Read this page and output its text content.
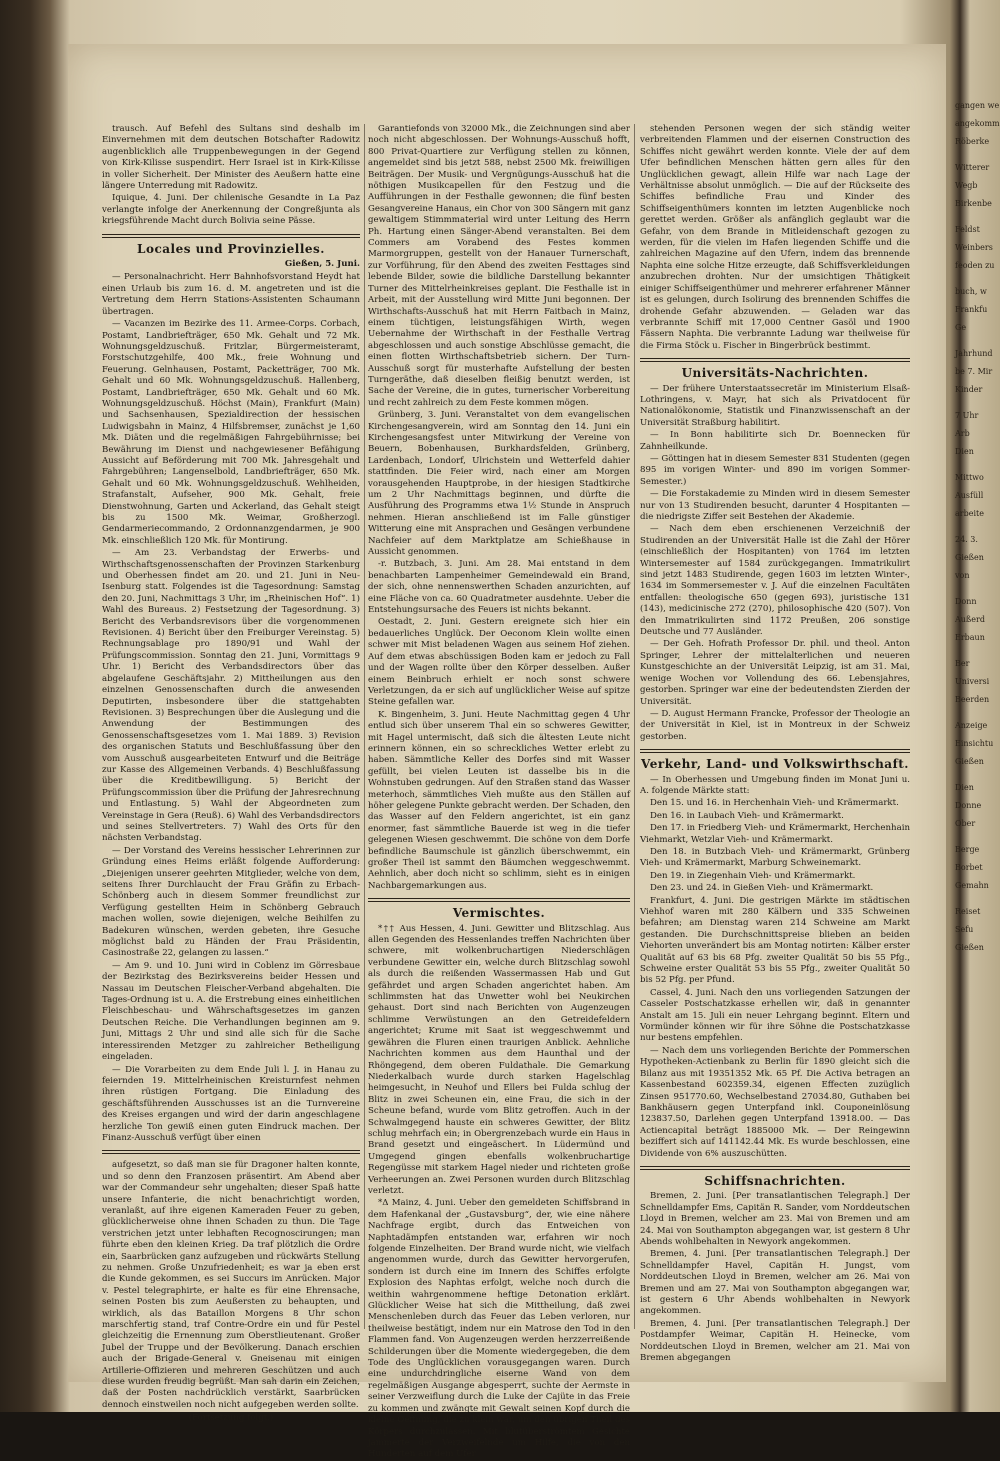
trausch. Auf Befehl des Sultans sind deshalb im Einvernehmen mit dem deutschen Botschafter Radowitz augenblicklich alle Truppenbewegungen in der Gegend von Kirk-Kilisse suspendirt. Herr Israel ist in Kirk-Kilisse in voller Sicherheit. Der Minister des Aeußern hatte eine längere Unterredung mit Radowitz.

Iquique, 4. Juni. Der chilenische Gesandte in La Paz verlangte infolge der Anerkennung der Congreßjunta als kriegsführende Macht durch Bolivia seine Pässe.

Locales und Provinzielles.
Gießen, 5. Juni.

— Personalnachricht. Herr Bahnhofsvorstand Heydt hat einen Urlaub bis zum 16. d. M. angetreten und ist die Vertretung dem Herrn Stations-Assistenten Schaumann übertragen.

— Vacanzen im Bezirke des 11. Armee-Corps. Corbach, Postamt, Landbriefträger, 650 Mk. Gehalt und 72 Mk. Wohnungsgeldzuschuß. Fritzlar, Bürgermeisteramt, Forstschutzgehilfe, 400 Mk., freie Wohnung und Feuerung. Gelnhausen, Postamt, Packetträger, 700 Mk. Gehalt und 60 Mk. Wohnungsgeldzuschuß. Hallenberg, Postamt, Landbriefträger, 650 Mk. Gehalt und 60 Mk. Wohnungsgeldzuschuß. Höchst (Main), Frankfurt (Main) und Sachsenhausen, Spezialdirection der hessischen Ludwigsbahn in Mainz, 4 Hilfsbremser, zunächst je 1,60 Mk. Diäten und die regelmäßigen Fahrgebührnisse; bei Bewährung im Dienst und nachgewiesener Befähigung Aussicht auf Beförderung mit 700 Mk. Jahresgehalt und Fahrgebühren; Langenselbold, Landbriefträger, 650 Mk. Gehalt und 60 Mk. Wohnungsgeldzuschuß. Wehlheiden, Strafanstalt, Aufseher, 900 Mk. Gehalt, freie Dienstwohnung, Garten und Ackerland, das Gehalt steigt bis zu 1500 Mk. Weimar, Großherzogl. Gendarmeriecommando, 2 Ordonnanzgendarmen, je 900 Mk. einschließlich 120 Mk. für Montirung.

— Am 23. Verbandstag der Erwerbs- und Wirthschaftsgenossenschaften der Provinzen Starkenburg und Oberhessen findet am 20. und 21. Juni in Neu-Isenburg statt. Folgendes ist die Tagesordnung: Samstag den 20. Juni, Nachmittags 3 Uhr, im „Rheinischen Hof“. 1) Wahl des Bureaus. 2) Festsetzung der Tagesordnung. 3) Bericht des Verbandsrevisors über die vorgenommenen Revisionen. 4) Bericht über den Freiburger Vereinstag. 5) Rechnungsablage pro 1890/91 und Wahl der Prüfungscommission. Sonntag den 21. Juni, Vormittags 9 Uhr. 1) Bericht des Verbandsdirectors über das abgelaufene Geschäftsjahr. 2) Mittheilungen aus den einzelnen Genossenschaften durch die anwesenden Deputirten, insbesondere über die stattgehabten Revisionen. 3) Besprechungen über die Auslegung und die Anwendung der Bestimmungen des Genossenschaftsgesetzes vom 1. Mai 1889. 3) Revision des organischen Statuts und Beschlußfassung über den vom Ausschuß ausgearbeiteten Entwurf und die Beiträge zur Kasse des Allgemeinen Verbands. 4) Beschlußfassung über die Kreditbewilligung. 5) Bericht der Prüfungscommission über die Prüfung der Jahresrechnung und Entlastung. 5) Wahl der Abgeordneten zum Vereinstage in Gera (Reuß). 6) Wahl des Verbandsdirectors und seines Stellvertreters. 7) Wahl des Orts für den nächsten Verbandstag.

— Der Vorstand des Vereins hessischer Lehrerinnen zur Gründung eines Heims erläßt folgende Aufforderung: „Diejenigen unserer geehrten Mitglieder, welche von dem, seitens Ihrer Durchlaucht der Frau Gräfin zu Erbach-Schönberg auch in diesem Sommer freundlichst zur Verfügung gestellten Heim in Schönberg Gebrauch machen wollen, sowie diejenigen, welche Beihilfen zu Badekuren wünschen, werden gebeten, ihre Gesuche möglichst bald zu Händen der Frau Präsidentin, Casinostraße 22, gelangen zu lassen.“

— Am 9. und 10. Juni wird in Coblenz im Görresbaue der Bezirkstag des Bezirksvereins beider Hessen und Nassau im Deutschen Fleischer-Verband abgehalten. Die Tages-Ordnung ist u. A. die Erstrebung eines einheitlichen Fleischbeschau- und Währschaftsgesetzes im ganzen Deutschen Reiche. Die Verhandlungen beginnen am 9. Juni, Mittags 2 Uhr und sind alle sich für die Sache interessirenden Metzger zu zahlreicher Betheiligung eingeladen.

— Die Vorarbeiten zu dem Ende Juli l. J. in Hanau zu feiernden 19. Mittelrheinischen Kreisturnfest nehmen ihren rüstigen Fortgang. Die Einladung des geschäftsführenden Ausschusses ist an die Turnvereine des Kreises ergangen und wird der darin angeschlagene herzliche Ton gewiß einen guten Eindruck machen. Der Finanz-Ausschuß verfügt über einen

aufgesetzt, so daß man sie für Dragoner halten konnte, und so denn den Franzosen präsentirt. Am Abend aber war der Commandeur sehr ungehalten; dieser Spaß hatte unsere Infanterie, die nicht benachrichtigt worden, veranlaßt, auf ihre eigenen Kameraden Feuer zu geben, glücklicherweise ohne ihnen Schaden zu thun. Die Tage verstrichen jetzt unter lebhaften Recognoscirungen; man führte eben den kleinen Krieg. Da traf plötzlich die Ordre ein, Saarbrücken ganz aufzugeben und rückwärts Stellung zu nehmen. Große Unzufriedenheit; es war ja eben erst die Kunde gekommen, es sei Succurs im Anrücken. Major v. Pestel telegraphirte, er halte es für eine Ehrensache, seinen Posten bis zum Aeußersten zu behaupten, und wirklich, als das Bataillon Morgens 8 Uhr schon marschfertig stand, traf Contre-Ordre ein und für Pestel gleichzeitig die Ernennung zum Oberstlieutenant. Großer Jubel der Truppe und der Bevölkerung. Danach erschien auch der Brigade-General v. Gneisenau mit einigen Artillerie-Offizieren und mehreren Geschützen und auch diese wurden freudig begrüßt. Man sah darin ein Zeichen, daß der Posten nachdrücklich verstärkt, Saarbrücken dennoch einstweilen noch nicht aufgegeben werden sollte.

(Fortsetzung folgt.)

Garantiefonds von 32000 Mk., die Zeichnungen sind aber noch nicht abgeschlossen. Der Wohnungs-Ausschuß hofft, 800 Privat-Quartiere zur Verfügung stellen zu können, angemeldet sind bis jetzt 588, nebst 2500 Mk. freiwilligen Beiträgen. Der Musik- und Vergnügungs-Ausschuß hat die nöthigen Musikcapellen für den Festzug und die Aufführungen in der Festhalle gewonnen; die fünf besten Gesangvereine Hanaus, ein Chor von 300 Sängern mit ganz gewaltigem Stimmmaterial wird unter Leitung des Herrn Ph. Hartung einen Sänger-Abend veranstalten. Bei dem Commers am Vorabend des Festes kommen Marmorgruppen, gestellt von der Hanauer Turnerschaft, zur Vorführung, für den Abend des zweiten Festtages sind lebende Bilder, sowie die bildliche Darstellung bekannter Turner des Mittelrheinkreises geplant. Die Festhalle ist in Arbeit, mit der Ausstellung wird Mitte Juni begonnen. Der Wirthschafts-Ausschuß hat mit Herrn Faitbach in Mainz, einem tüchtigen, leistungsfähigen Wirth, wegen Uebernahme der Wirthschaft in der Festhalle Vertrag abgeschlossen und auch sonstige Abschlüsse gemacht, die einen flotten Wirthschaftsbetrieb sichern. Der Turn-Ausschuß sorgt für musterhafte Aufstellung der besten Turngeräthe, daß dieselben fleißig benutzt werden, ist Sache der Vereine, die in gutes, turnerischer Vorbereitung und recht zahlreich zu dem Feste kommen mögen.

Grünberg, 3. Juni. Veranstaltet von dem evangelischen Kirchengesangverein, wird am Sonntag den 14. Juni ein Kirchengesangsfest unter Mitwirkung der Vereine von Beuern, Bobenhausen, Burkhardsfelden, Grünberg, Lardenbach, Londorf, Ulrichstein und Wetterfeld dahier stattfinden. Die Feier wird, nach einer am Morgen vorausgehenden Hauptprobe, in der hiesigen Stadtkirche um 2 Uhr Nachmittags beginnen, und dürfte die Ausführung des Programms etwa 1½ Stunde in Anspruch nehmen. Hieran anschließend ist im Falle günstiger Witterung eine mit Ansprachen und Gesängen verbundene Nachfeier auf dem Marktplatze am Schießhause in Aussicht genommen.

-r. Butzbach, 3. Juni. Am 28. Mai entstand in dem benachbarten Lampenheimer Gemeindewald ein Brand, der sich, ohne nennenswerthen Schaden anzurichten, auf eine Fläche von ca. 60 Quadratmeter ausdehnte. Ueber die Entstehungsursache des Feuers ist nichts bekannt.

Oestadt, 2. Juni. Gestern ereignete sich hier ein bedauerliches Unglück. Der Oeconom Klein wollte einen schwer mit Mist beladenen Wagen aus seinem Hof ziehen. Auf dem etwas abschüssigen Boden kam er jedoch zu Fall und der Wagen rollte über den Körper desselben. Außer einem Beinbruch erhielt er noch sonst schwere Verletzungen, da er sich auf unglücklicher Weise auf spitze Steine gefallen war.

K. Bingenheim, 3. Juni. Heute Nachmittag gegen 4 Uhr entlud sich über unserem Thal ein so schweres Gewitter, mit Hagel untermischt, daß sich die ältesten Leute nicht erinnern können, ein so schreckliches Wetter erlebt zu haben. Sämmtliche Keller des Dorfes sind mit Wasser gefüllt, bei vielen Leuten ist dasselbe bis in die Wohnstuben gedrungen. Auf den Straßen stand das Wasser meterhoch, sämmtliches Vieh mußte aus den Ställen auf höher gelegene Punkte gebracht werden. Der Schaden, den das Wasser auf den Feldern angerichtet, ist ein ganz enormer, fast sämmtliche Bauerde ist weg in die tiefer gelegenen Wiesen geschwemmt. Die schöne von dem Dorfe befindliche Baumschule ist gänzlich überschwemmt, ein großer Theil ist sammt den Bäumchen weggeschwemmt. Aehnlich, aber doch nicht so schlimm, sieht es in einigen Nachbargemarkungen aus.

Vermischtes.

*†† Aus Hessen, 4. Juni. Gewitter und Blitzschlag. Aus allen Gegenden des Hessenlandes treffen Nachrichten über schwere, mit wolkenbruchartigen Niederschlägen verbundene Gewitter ein, welche durch Blitzschlag sowohl als durch die reißenden Wassermassen Hab und Gut gefährdet und argen Schaden angerichtet haben. Am schlimmsten hat das Unwetter wohl bei Neukirchen gehaust. Dort sind nach Berichten von Augenzeugen schlimme Verwüstungen an den Getreidefeldern angerichtet; Krume mit Saat ist weggeschwemmt und gewähren die Fluren einen traurigen Anblick. Aehnliche Nachrichten kommen aus dem Haunthal und der Rhöngegend, dem oberen Fuldathale. Die Gemarkung Niederkalbach wurde durch starken Hagelschlag heimgesucht, in Neuhof und Ellers bei Fulda schlug der Blitz in zwei Scheunen ein, eine Frau, die sich in der Scheune befand, wurde vom Blitz getroffen. Auch in der Schwalmgegend hauste ein schweres Gewitter, der Blitz schlug mehrfach ein; in Obergrenzebach wurde ein Haus in Brand gesetzt und eingeäschert. In Lüdermünd und Umgegend gingen ebenfalls wolkenbruchartige Regengüsse mit starkem Hagel nieder und richteten große Verheerungen an. Zwei Personen wurden durch Blitzschlag verletzt.

*Δ Mainz, 4. Juni. Ueber den gemeldeten Schiffsbrand in dem Hafenkanal der „Gustavsburg“, der, wie eine nähere Nachfrage ergibt, durch das Entweichen von Naphtadämpfen entstanden war, erfahren wir noch folgende Einzelheiten. Der Brand wurde nicht, wie vielfach angenommen wurde, durch das Gewitter hervorgerufen, sondern ist durch eine im Innern des Schiffes erfolgte Explosion des Naphtas erfolgt, welche noch durch die weithin wahrgenommene heftige Detonation erklärt. Glücklicher Weise hat sich die Mittheilung, daß zwei Menschenleben durch das Feuer das Leben verloren, nur theilweise bestätigt, indem nur ein Matrose den Tod in den Flammen fand. Von Augenzeugen werden herzzerreißende Schilderungen über die Momente wiedergegeben, die dem Tode des Unglücklichen vorausgegangen waren. Durch eine undurchdringliche eiserne Wand von dem regelmäßigen Ausgange abgesperrt, suchte der Aermste in seiner Verzweiflung durch die Luke der Cajüte in das Freie zu kommen und zwängte mit Gewalt seinen Kopf durch die kleine Oeffnung, die zu klein war, um den übrigen Theil des Körpers durchzulassen. Mit blutüberströmtem Gesichte jammerte der Verzweifelnde um Hilfe, die von den Hunderten auf dem Ufer

stehenden Personen wegen der sich ständig weiter verbreitenden Flammen und der eisernen Construction des Schiffes nicht gewährt werden konnte. Viele der auf dem Ufer befindlichen Menschen hätten gern alles für den Unglücklichen gewagt, allein Hilfe war nach Lage der Verhältnisse absolut unmöglich. — Die auf der Rückseite des Schiffes befindliche Frau und Kinder des Schiffseigenthümers konnten im letzten Augenblicke noch gerettet werden. Größer als anfänglich geglaubt war die Gefahr, von dem Brande in Mitleidenschaft gezogen zu werden, für die vielen im Hafen liegenden Schiffe und die zahlreichen Magazine auf den Ufern, indem das brennende Naphta eine solche Hitze erzeugte, daß Schiffsverkleidungen anzubrechen drohten. Nur der umsichtigen Thätigkeit einiger Schiffseigenthümer und mehrerer erfahrener Männer ist es gelungen, durch Isolirung des brennenden Schiffes die drohende Gefahr abzuwenden. — Geladen war das verbrannte Schiff mit 17,000 Centner Gasöl und 1900 Fässern Naphta. Die verbrannte Ladung war theilweise für die Firma Stöck u. Fischer in Bingerbrück bestimmt.

Universitäts-Nachrichten.

— Der frühere Unterstaatssecretär im Ministerium Elsaß-Lothringens, v. Mayr, hat sich als Privatdocent für Nationalökonomie, Statistik und Finanzwissenschaft an der Universität Straßburg habilitirt.

— In Bonn habilitirte sich Dr. Boennecken für Zahnheilkunde.

— Göttingen hat in diesem Semester 831 Studenten (gegen 895 im vorigen Winter- und 890 im vorigen Sommer-Semester.)

— Die Forstakademie zu Minden wird in diesem Semester nur von 13 Studirenden besucht, darunter 4 Hospitanten — die niedrigste Ziffer seit Bestehen der Akademie.

— Nach dem eben erschienenen Verzeichniß der Studirenden an der Universität Halle ist die Zahl der Hörer (einschließlich der Hospitanten) von 1764 im letzten Wintersemester auf 1584 zurückgegangen. Immatrikulirt sind jetzt 1483 Studirende, gegen 1603 im letzten Winter-, 1634 im Sommersemester v. J. Auf die einzelnen Facultäten entfallen: theologische 650 (gegen 693), juristische 131 (143), medicinische 272 (270), philosophische 420 (507). Von den Immatrikulirten sind 1172 Preußen, 206 sonstige Deutsche und 77 Ausländer.

— Der Geh. Hofrath Professor Dr. phil. und theol. Anton Springer, Lehrer der mittelalterlichen und neueren Kunstgeschichte an der Universität Leipzig, ist am 31. Mai, wenige Wochen vor Vollendung des 66. Lebensjahres, gestorben. Springer war eine der bedeutendsten Zierden der Universität.

— D. August Hermann Francke, Professor der Theologie an der Universität in Kiel, ist in Montreux in der Schweiz gestorben.

Verkehr, Land- und Volkswirthschaft.

— In Oberhessen und Umgebung finden im Monat Juni u. A. folgende Märkte statt:

Den 15. und 16. in Herchenhain Vieh- und Krämermarkt.

Den 16. in Laubach Vieh- und Krämermarkt.

Den 17. in Friedberg Vieh- und Krämermarkt, Herchenhain Viehmarkt, Wetzlar Vieh- und Krämermarkt.

Den 18. in Butzbach Vieh- und Krämermarkt, Grünberg Vieh- und Krämermarkt, Marburg Schweinemarkt.

Den 19. in Ziegenhain Vieh- und Krämermarkt.

Den 23. und 24. in Gießen Vieh- und Krämermarkt.

Frankfurt, 4. Juni. Die gestrigen Märkte im städtischen Viehhof waren mit 280 Kälbern und 335 Schweinen befahren; am Dienstag waren 214 Schweine am Markt gestanden. Die Durchschnittspreise blieben an beiden Viehorten unverändert bis am Montag notirten: Kälber erster Qualität auf 63 bis 68 Pfg. zweiter Qualität 50 bis 55 Pfg., Schweine erster Qualität 53 bis 55 Pfg., zweiter Qualität 50 bis 52 Pfg. per Pfund.

Cassel, 4. Juni. Nach den uns vorliegenden Satzungen der Casseler Postschatzkasse erhellen wir, daß in genannter Anstalt am 15. Juli ein neuer Lehrgang beginnt. Eltern und Vormünder können wir für ihre Söhne die Postschatzkasse nur bestens empfehlen.

— Nach dem uns vorliegenden Berichte der Pommerschen Hypotheken-Actienbank zu Berlin für 1890 gleicht sich die Bilanz aus mit 19351352 Mk. 65 Pf. Die Activa betragen an Kassenbestand 602359.34, eigenen Effecten zuzüglich Zinsen 951770.60, Wechselbestand 27034.80, Guthaben bei Bankhäusern gegen Unterpfand inkl. Couponeinlösung 123837.50, Darlehen gegen Unterpfand 13918.00. — Das Actiencapital beträgt 1885000 Mk. — Der Reingewinn beziffert sich auf 141142.44 Mk. Es wurde beschlossen, eine Dividende von 6% auszuschütten.

Schiffsnachrichten.

Bremen, 2. Juni. [Per transatlantischen Telegraph.] Der Schnelldampfer Ems, Capitän R. Sander, vom Norddeutschen Lloyd in Bremen, welcher am 23. Mai von Bremen und am 24. Mai von Southampton abgegangen war, ist gestern 8 Uhr Abends wohlbehalten in Newyork angekommen.

Bremen, 4. Juni. [Per transatlantischen Telegraph.] Der Schnelldampfer Havel, Capitän H. Jungst, vom Norddeutschen Lloyd in Bremen, welcher am 26. Mai von Bremen und am 27. Mai von Southampton abgegangen war, ist gestern 6 Uhr Abends wohlbehalten in Newyork angekommen.

Bremen, 4. Juni. [Per transatlantischen Telegraph.] Der Postdampfer Weimar, Capitän H. Heinecke, vom Norddeutschen Lloyd in Bremen, welcher am 21. Mai von Bremen abgegangen

gangen we
angekomm
Röberke
Witterer
Wegb
Birkenbe
Feldst
Weinbers
feoden zu
buch, w
Frankfu
Ge
Jahrhund
be 7. Mir
Kinder
7 Uhr
Arb
Dien
Mittwo
Ausfüll
arbeite
24. 3.
Gießen
von
Donn
Außerd
Erbaun
Ber
Universi
Beerden
Anzeige
Einsichtu
Gießen
Dien
Donne
Ober
Berge
Borbet
Gemahn
Reiset
Sefu
Gießen
